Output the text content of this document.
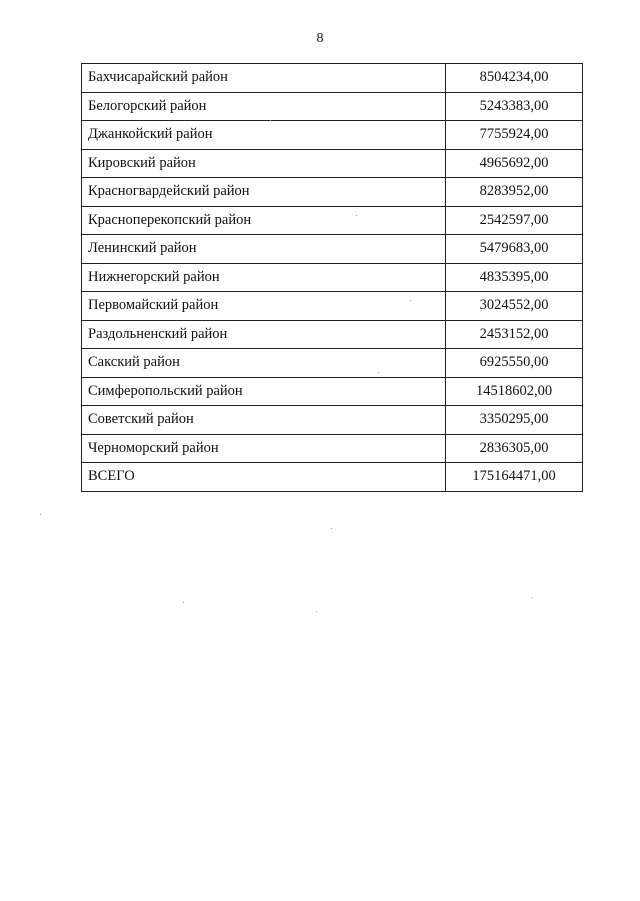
8
Бахчисарайский район	8504234,00
Белогорский район	5243383,00
Джанкойский район	7755924,00
Кировский район	4965692,00
Красногвардейский район	8283952,00
Красноперекопский район	2542597,00
Ленинский район	5479683,00
Нижнегорский район	4835395,00
Первомайский район	3024552,00
Раздольненский район	2453152,00
Сакский район	6925550,00
Симферопольский район	14518602,00
Советский район	3350295,00
Черноморский район	2836305,00
ВСЕГО	175164471,00
